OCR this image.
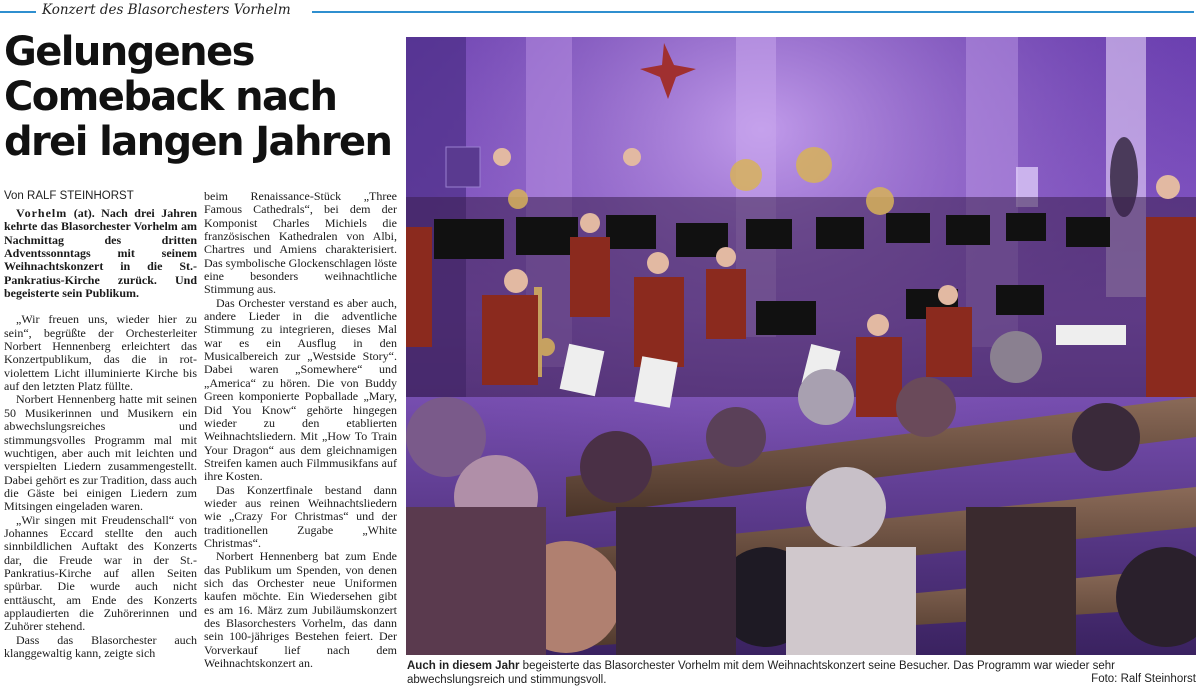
Konzert des Blasorchesters Vorhelm
Gelungenes Comeback nach drei langen Jahren
Von RALF STEINHORST

Vorhelm (at). Nach drei Jahren kehrte das Blasorchester Vorhelm am Nachmittag des dritten Adventssonntags mit seinem Weihnachtskonzert in die St.-Pankratius-Kirche zurück. Und begeisterte sein Publikum.

„Wir freuen uns, wieder hier zu sein“, begrüßte der Orchesterleiter Norbert Hennenberg erleichtert das Konzertpublikum, das die in rot-violettem Licht illuminierte Kirche bis auf den letzten Platz füllte.

Norbert Hennenberg hatte mit seinen 50 Musikerinnen und Musikern ein abwechslungsreiches und stimmungsvolles Programm mal mit wuchtigen, aber auch mit leichten und verspielten Liedern zusammengestellt. Dabei gehört es zur Tradition, dass auch die Gäste bei einigen Liedern zum Mitsingen eingeladen waren.

„Wir singen mit Freudenschall“ von Johannes Eccard stellte den auch sinnbildlichen Auftakt des Konzerts dar, die Freude war in der St.-Pankratius-Kirche auf allen Seiten spürbar. Die wurde auch nicht enttäuscht, am Ende des Konzerts applaudierten die Zuhörerinnen und Zuhörer stehend.

Dass das Blasorchester auch klanggewaltig kann, zeigte sich

beim Renaissance-Stück „Three Famous Cathedrals“, bei dem der Komponist Charles Michiels die französischen Kathedralen von Albi, Chartres und Amiens charakterisiert. Das symbolische Glockenschlagen löste eine besonders weihnachtliche Stimmung aus.

Das Orchester verstand es aber auch, andere Lieder in die adventliche Stimmung zu integrieren, dieses Mal war es ein Ausflug in den Musicalbereich zur „Westside Story“. Dabei waren „Somewhere“ und „America“ zu hören. Die von Buddy Green komponierte Popballade „Mary, Did You Know“ gehörte hingegen wieder zu den etablierten Weihnachtsliedern. Mit „How To Train Your Dragon“ aus dem gleichnamigen Streifen kamen auch Filmmusikfans auf ihre Kosten.

Das Konzertfinale bestand dann wieder aus reinen Weihnachtsliedern wie „Crazy For Christmas“ und der traditionellen Zugabe „White Christmas“.

Norbert Hennenberg bat zum Ende das Publikum um Spenden, von denen sich das Orchester neue Uniformen kaufen möchte. Ein Wiedersehen gibt es am 16. März zum Jubiläumskonzert des Blasorchesters Vorhelm, das dann sein 100-jähriges Bestehen feiert. Der Vorverkauf lief nach dem Weihnachtskonzert an.	Auch in diesem Jahr begeisterte das Blasorchester Vorhelm mit dem Weihnachtskonzert seine Besucher. Das Programm war wieder sehr abwechslungsreich und stimmungsvoll.	Foto: Ralf Steinhorst
